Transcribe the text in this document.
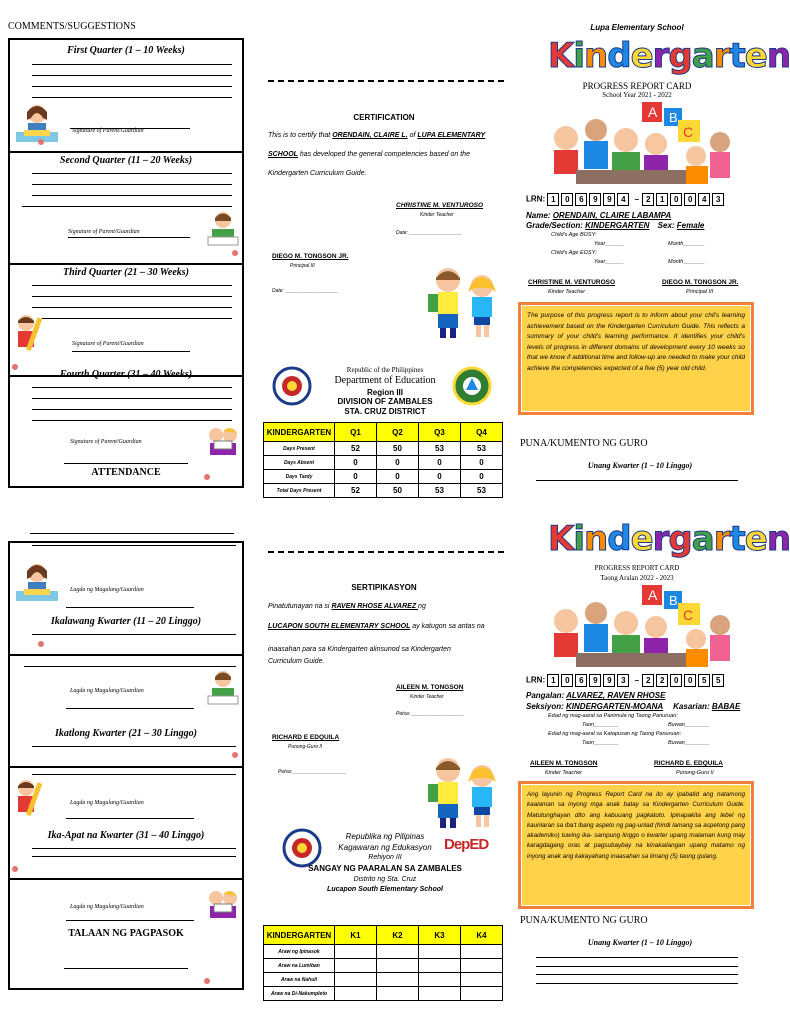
COMMENTS/SUGGESTIONS
First Quarter (1 – 10 Weeks)
Signature of Parent/Guardian
Second Quarter (11 – 20 Weeks)
Signature of Parent/Guardian
Third Quarter (21 – 30 Weeks)
Signature of Parent/Guardian
Fourth Quarter (31 – 40 Weeks)
Signature of Parent/Guardian
ATTENDANCE
CERTIFICATION
This is to certify that ORENDAIN, CLAIRE L. of LUPA ELEMENTARY
SCHOOL has developed the general competencies based on the
Kindergarten Curriculum Guide.
CHRISTINE M. VENTUROSO
Kinder Teacher
Date: ___________________
DIEGO M. TONGSON JR.
Principal III
Date: ___________________
Republic of the Philippines
Department of Education
Region III
DIVISION OF ZAMBALES
STA. CRUZ DISTRICT
KINDERGARTEN	Q1	Q2	Q3	Q4
Days Present	52	50	53	53
Days Absent	0	0	0	0
Days Tardy	0	0	0	0
Total Days Present	52	50	53	53
Lupa Elementary School
Kindergarten
PROGRESS REPORT CARD
School Year 2021 - 2022
A B
C
LRN: 1 0 6 9 9 4 – 2 1 0 0 4 3
Name: ORENDAIN, CLAIRE LABAMPA
Grade/Section: KINDERGARTEN Sex: Female
Child's Age BOSY:
Year______	Month_______
Child's Age EOSY:
Year______	Month_______
CHRISTINE M. VENTUROSO
Kinder Teacher
DIEGO M. TONGSON JR.
Principal III
The purpose of this progress report is to inform about your chil's learning achievement based on the Kindergarten Curriculum Guide. This reflects a summary of your child's learning performance. It identifies your child's levels of progress in different domains of development every 10 weeks so that we know if additional time and follow-up are needed to make your child achieve the competencies expected of a five (5) year old child.
PUNA/KUMENTO NG GURO
Unang Kwarter (1 – 10 Linggo)
Lagda ng Magulang/Guardian
Ikalawang Kwarter (11 – 20 Linggo)
Lagda ng Magulang/Guardian
Ikatlong Kwarter (21 – 30 Linggo)
Lagda ng Magulang/Guardian
Ika-Apat na Kwarter (31 – 40 Linggo)
Lagda ng Magulang/Guardian
TALAAN NG PAGPASOK
SERTIPIKASYON
Pinatutunayan na si RAVEN RHOSE ALVAREZ ng
LUCAPON SOUTH ELEMENTARY SCHOOL ay katugon sa antas na
inaasahan para sa Kindergarten alinsunod sa Kindergarten
Curriculum Guide.
AILEEN M. TONGSON
Kinder Teacher
Petsa: ___________________
RICHARD E EDQUILA
Punong-Guro II
Petsa: ___________________
Republika ng Pilipinas
Kagawaran ng Edukasyon
Rehiyon III
SANGAY NG PAARALAN SA ZAMBALES
Distrito ng Sta. Cruz
Lucapon South Elementary School
DepED
KINDERGARTEN	K1	K2	K3	K4
Araw ng Ipinasok				
Araw na Lumiban				
Araw na Nahuli				
Araw na Di-Nakumpleto				
Kindergarten
PROGRESS REPORT CARD
Taong Aralan 2022 - 2023
A B
C
LRN: 1 0 6 9 9 3 – 2 2 0 0 5 5
Pangalan: ALVAREZ, RAVEN RHOSE
Seksiyon: KINDERGARTEN-MOANA Kasarian: BABAE
Edad ng mag-aaral sa Panimula ng Taong Panuruan:
Taon________	Buwan________
Edad ng mag-aaral sa Katapusan ng Taong Panuruan:
Taon________	Buwan________
AILEEN M. TONGSON
Kinder Teacher
RICHARD E. EDQUILA
Punong-Guro II
Ang layunin ng Progress Report Card na ito ay ipabatid ang natamong kaalaman sa inyong mga anak batay sa Kindergarten Curriculum Guide. Matutunghayan dito ang kabuuang pagkatuto. Ipinapakita ang lebel ng kaunlaran sa iba't ibang aspeto ng pag-unlad (hindi lamang sa aspetong pang akademiko) tuwing ika- sampung linggo o kwarter upang malaman kung may karagdagang oras at pagsubaybay na kinakailangan upang matamo ng inyong anak ang kakayahang inaasahan sa limang (5) taong gulang.
PUNA/KUMENTO NG GURO
Unang Kwarter (1 – 10 Linggo)
